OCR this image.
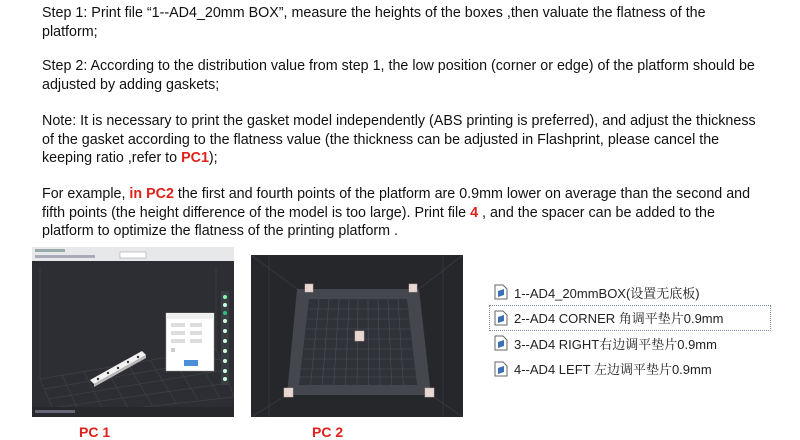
Step 1: Print file “1--AD4_20mm BOX”, measure the heights of the boxes ,then valuate the flatness of the platform;

Step 2: According to the distribution value from step 1, the low position (corner or edge) of the platform should be adjusted by adding gaskets;

Note: It is necessary to print the gasket model independently (ABS printing is preferred), and adjust the thickness of the gasket according to the flatness value (the thickness can be adjusted in Flashprint, please cancel the keeping ratio ,refer to PC1);

For example, in PC2 the first and fourth points of the platform are 0.9mm lower on average than the second and fifth points (the height difference of the model is too large). Print file 4 , and the spacer can be added to the platform to optimize the flatness of the printing platform .

PC 1	PC 2
1--AD4_20mmBOX(设置无底板)
2--AD4 CORNER 角调平垫片0.9mm
3--AD4 RIGHT右边调平垫片0.9mm
4--AD4 LEFT 左边调平垫片0.9mm
